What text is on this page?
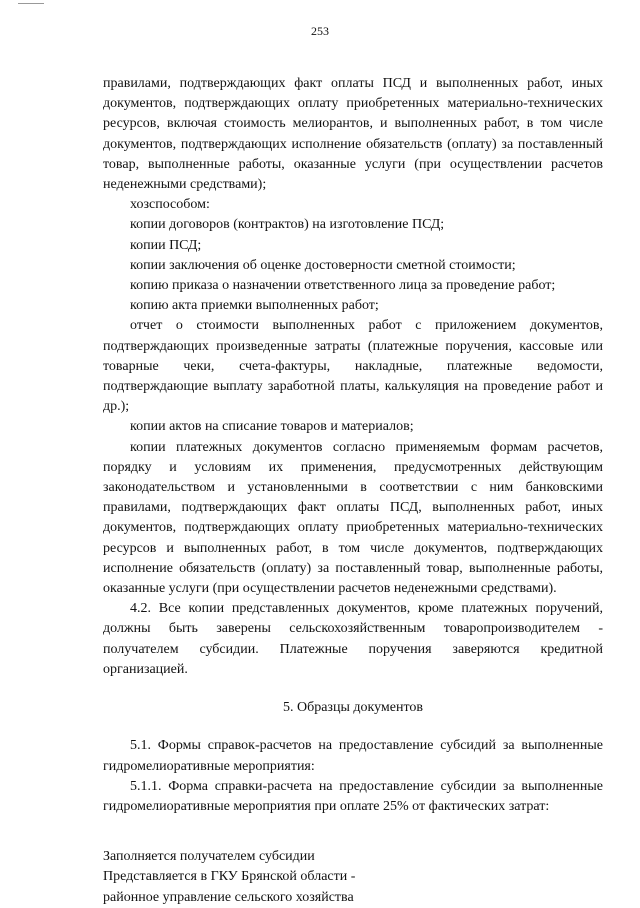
253

правилами, подтверждающих факт оплаты ПСД и выполненных работ, иных документов, подтверждающих оплату приобретенных материально-технических ресурсов, включая стоимость мелиорантов, и выполненных работ, в том числе документов, подтверждающих исполнение обязательств (оплату) за поставленный товар, выполненные работы, оказанные услуги (при осуществлении расчетов неденежными средствами);

хозспособом:

копии договоров (контрактов) на изготовление ПСД;

копии ПСД;

копии заключения об оценке достоверности сметной стоимости;

копию приказа о назначении ответственного лица за проведение работ;

копию акта приемки выполненных работ;

отчет о стоимости выполненных работ с приложением документов, подтверждающих произведенные затраты (платежные поручения, кассовые или товарные чеки, счета-фактуры, накладные, платежные ведомости, подтверждающие выплату заработной платы, калькуляция на проведение работ и др.);

копии актов на списание товаров и материалов;

копии платежных документов согласно применяемым формам расчетов, порядку и условиям их применения, предусмотренных действующим законодательством и установленными в соответствии с ним банковскими правилами, подтверждающих факт оплаты ПСД, выполненных работ, иных документов, подтверждающих оплату приобретенных материально-технических ресурсов и выполненных работ, в том числе документов, подтверждающих исполнение обязательств (оплату) за поставленный товар, выполненные работы, оказанные услуги (при осуществлении расчетов неденежными средствами).

4.2. Все копии представленных документов, кроме платежных поручений, должны быть заверены сельскохозяйственным товаропроизводителем - получателем субсидии. Платежные поручения заверяются кредитной организацией.

5. Образцы документов

5.1. Формы справок-расчетов на предоставление субсидий за выполненные гидромелиоративные мероприятия:

5.1.1. Форма справки-расчета на предоставление субсидии за выполненные гидромелиоративные мероприятия при оплате 25% от фактических затрат:

Заполняется получателем субсидии

Представляется в ГКУ Брянской области -

районное управление сельского хозяйства
